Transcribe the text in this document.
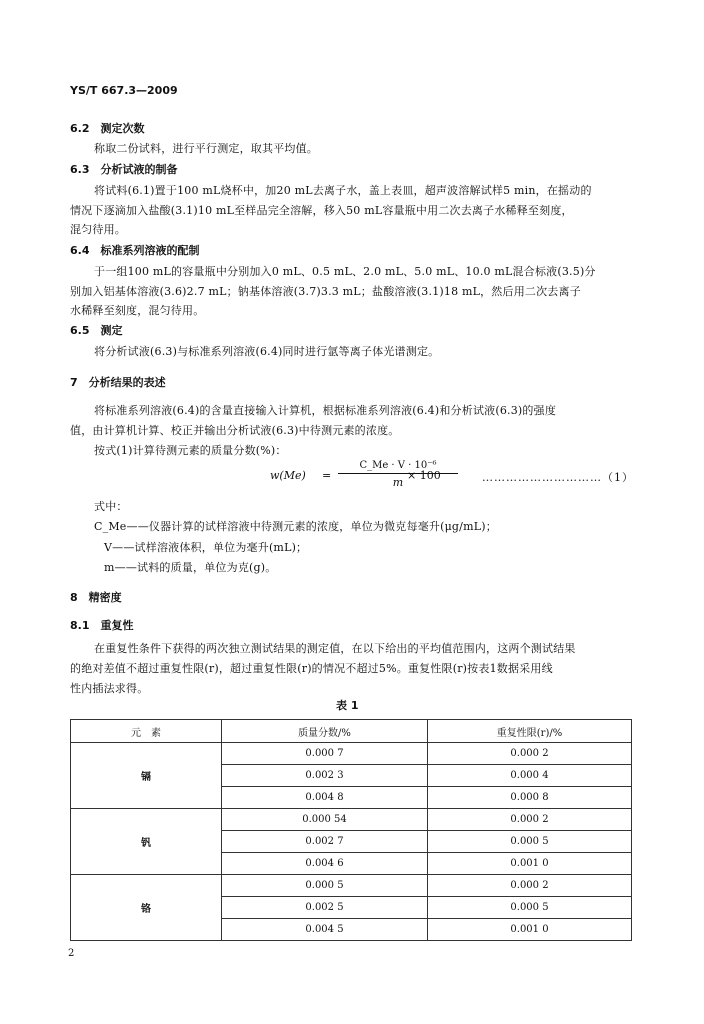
YS/T 667.3—2009
6.2　测定次数
称取二份试料，进行平行测定，取其平均值。
6.3　分析试液的制备
将试料(6.1)置于100 mL烧杯中，加20 mL去离子水，盖上表皿，超声波溶解试样5 min，在摇动的
情况下逐滴加入盐酸(3.1)10 mL至样品完全溶解，移入50 mL容量瓶中用二次去离子水稀释至刻度，
混匀待用。
6.4　标准系列溶液的配制
于一组100 mL的容量瓶中分别加入0 mL、0.5 mL、2.0 mL、5.0 mL、10.0 mL混合标液(3.5)分
别加入铝基体溶液(3.6)2.7 mL；钠基体溶液(3.7)3.3 mL；盐酸溶液(3.1)18 mL，然后用二次去离子
水稀释至刻度，混匀待用。
6.5　测定
将分析试液(6.3)与标准系列溶液(6.4)同时进行氩等离子体光谱测定。
7　分析结果的表述
将标准系列溶液(6.4)的含量直接输入计算机，根据标准系列溶液(6.4)和分析试液(6.3)的强度
值，由计算机计算、校正并输出分析试液(6.3)中待测元素的浓度。
按式(1)计算待测元素的质量分数(%)：
w(Me) =
C_Me · V · 10⁻⁶
m
× 100	…………………………（1）
式中：
C_Me——仪器计算的试样溶液中待测元素的浓度，单位为微克每毫升(μg/mL)；
V——试样溶液体积，单位为毫升(mL)；
m——试料的质量，单位为克(g)。
8　精密度
8.1　重复性
在重复性条件下获得的两次独立测试结果的测定值，在以下给出的平均值范围内，这两个测试结果
的绝对差值不超过重复性限(r)，超过重复性限(r)的情况不超过5%。重复性限(r)按表1数据采用线
性内插法求得。
表 1
元　素	质量分数/%	重复性限(r)/%
镉	0.000 7	0.000 2
	0.002 3	0.000 4
	0.004 8	0.000 8
钒	0.000 54	0.000 2
	0.002 7	0.000 5
	0.004 6	0.001 0
铬	0.000 5	0.000 2
	0.002 5	0.000 5
	0.004 5	0.001 0
2
